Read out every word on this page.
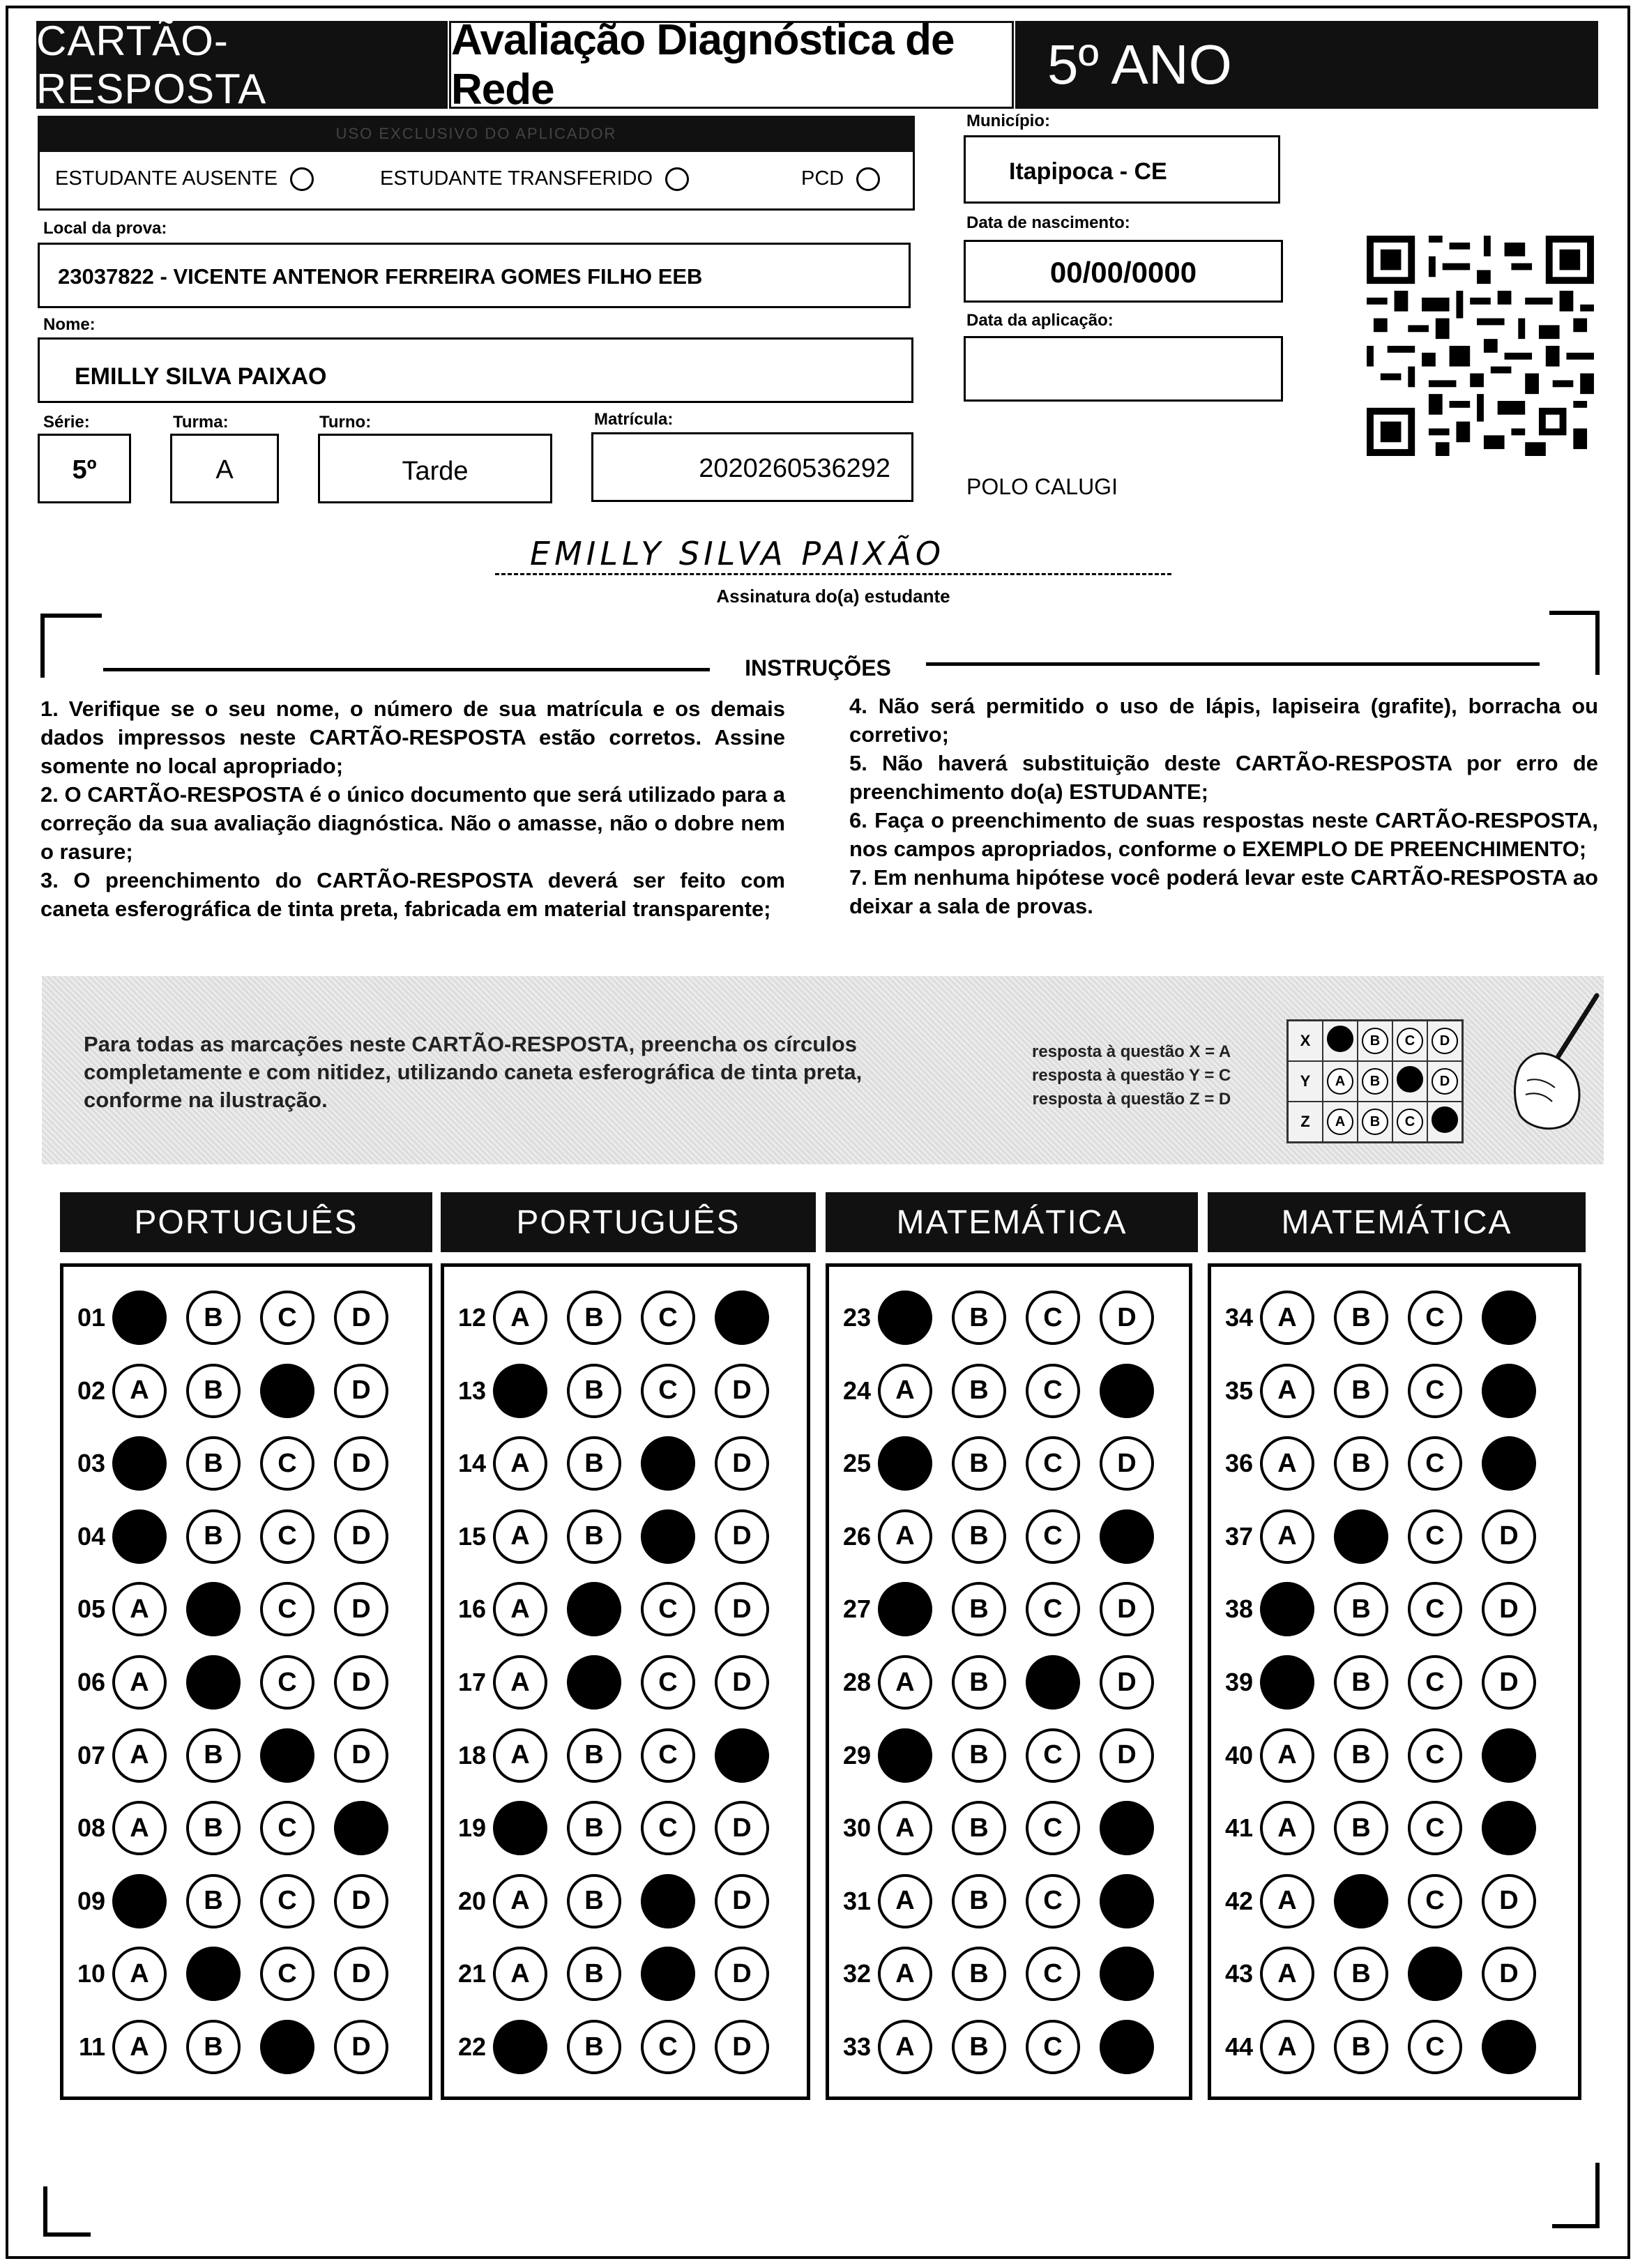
CARTÃO-RESPOSTA
Avaliação Diagnóstica de Rede	5º ANO
USO EXCLUSIVO DO APLICADOR
ESTUDANTE AUSENTE	ESTUDANTE TRANSFERIDO	PCD
Município:
Itapipoca - CE
Local da prova:
23037822 - VICENTE ANTENOR FERREIRA GOMES FILHO EEB
Data de nascimento:
00/00/0000
Data da aplicação:
Nome:
EMILLY SILVA PAIXAO
Série:
5º
Turma:
A
Turno:
Tarde
Matrícula:
2020260536292
POLO CALUGI
EMILLY SILVA PAIXÃO
Assinatura do(a) estudante
INSTRUÇÕES

1. Verifique se o seu nome, o número de sua matrícula e os demais dados impressos neste CARTÃO-RESPOSTA estão corretos. Assine somente no local apropriado;

2. O CARTÃO-RESPOSTA é o único documento que será utilizado para a correção da sua avaliação diagnóstica. Não o amasse, não o dobre nem o rasure;

3. O preenchimento do CARTÃO-RESPOSTA deverá ser feito com caneta esferográfica de tinta preta, fabricada em material transparente;

4. Não será permitido o uso de lápis, lapiseira (grafite), borracha ou corretivo;

5. Não haverá substituição deste CARTÃO-RESPOSTA por erro de preenchimento do(a) ESTUDANTE;

6. Faça o preenchimento de suas respostas neste CARTÃO-RESPOSTA, nos campos apropriados, conforme o EXEMPLO DE PREENCHIMENTO;

7. Em nenhuma hipótese você poderá levar este CARTÃO-RESPOSTA ao deixar a sala de provas.

Para todas as marcações neste CARTÃO-RESPOSTA, preencha os círculos completamente e com nitidez, utilizando caneta esferográfica de tinta preta, conforme na ilustração.
resposta à questão X = A
resposta à questão Y = C
resposta à questão Z = D
X		B	C	D
Y	A	B		D
Z	A	B	C	
PORTUGUÊS
01 A	B	C	D
02 A	B	C	D
03 A	B	C	D
04 A	B	C	D
05 A	B	C	D
06 A	B	C	D
07 A	B	C	D
08 A	B	C	D
09 A	B	C	D
10 A	B	C	D
11 A	B	C	D
PORTUGUÊS
12 A	B	C	D
13 A	B	C	D
14 A	B	C	D
15 A	B	C	D
16 A	B	C	D
17 A	B	C	D
18 A	B	C	D
19 A	B	C	D
20 A	B	C	D
21 A	B	C	D
22 A	B	C	D
MATEMÁTICA
23 A	B	C	D
24 A	B	C	D
25 A	B	C	D
26 A	B	C	D
27 A	B	C	D
28 A	B	C	D
29 A	B	C	D
30 A	B	C	D
31 A	B	C	D
32 A	B	C	D
33 A	B	C	D
MATEMÁTICA
34 A	B	C	D
35 A	B	C	D
36 A	B	C	D
37 A	B	C	D
38 A	B	C	D
39 A	B	C	D
40 A	B	C	D
41 A	B	C	D
42 A	B	C	D
43 A	B	C	D
44 A	B	C	D
